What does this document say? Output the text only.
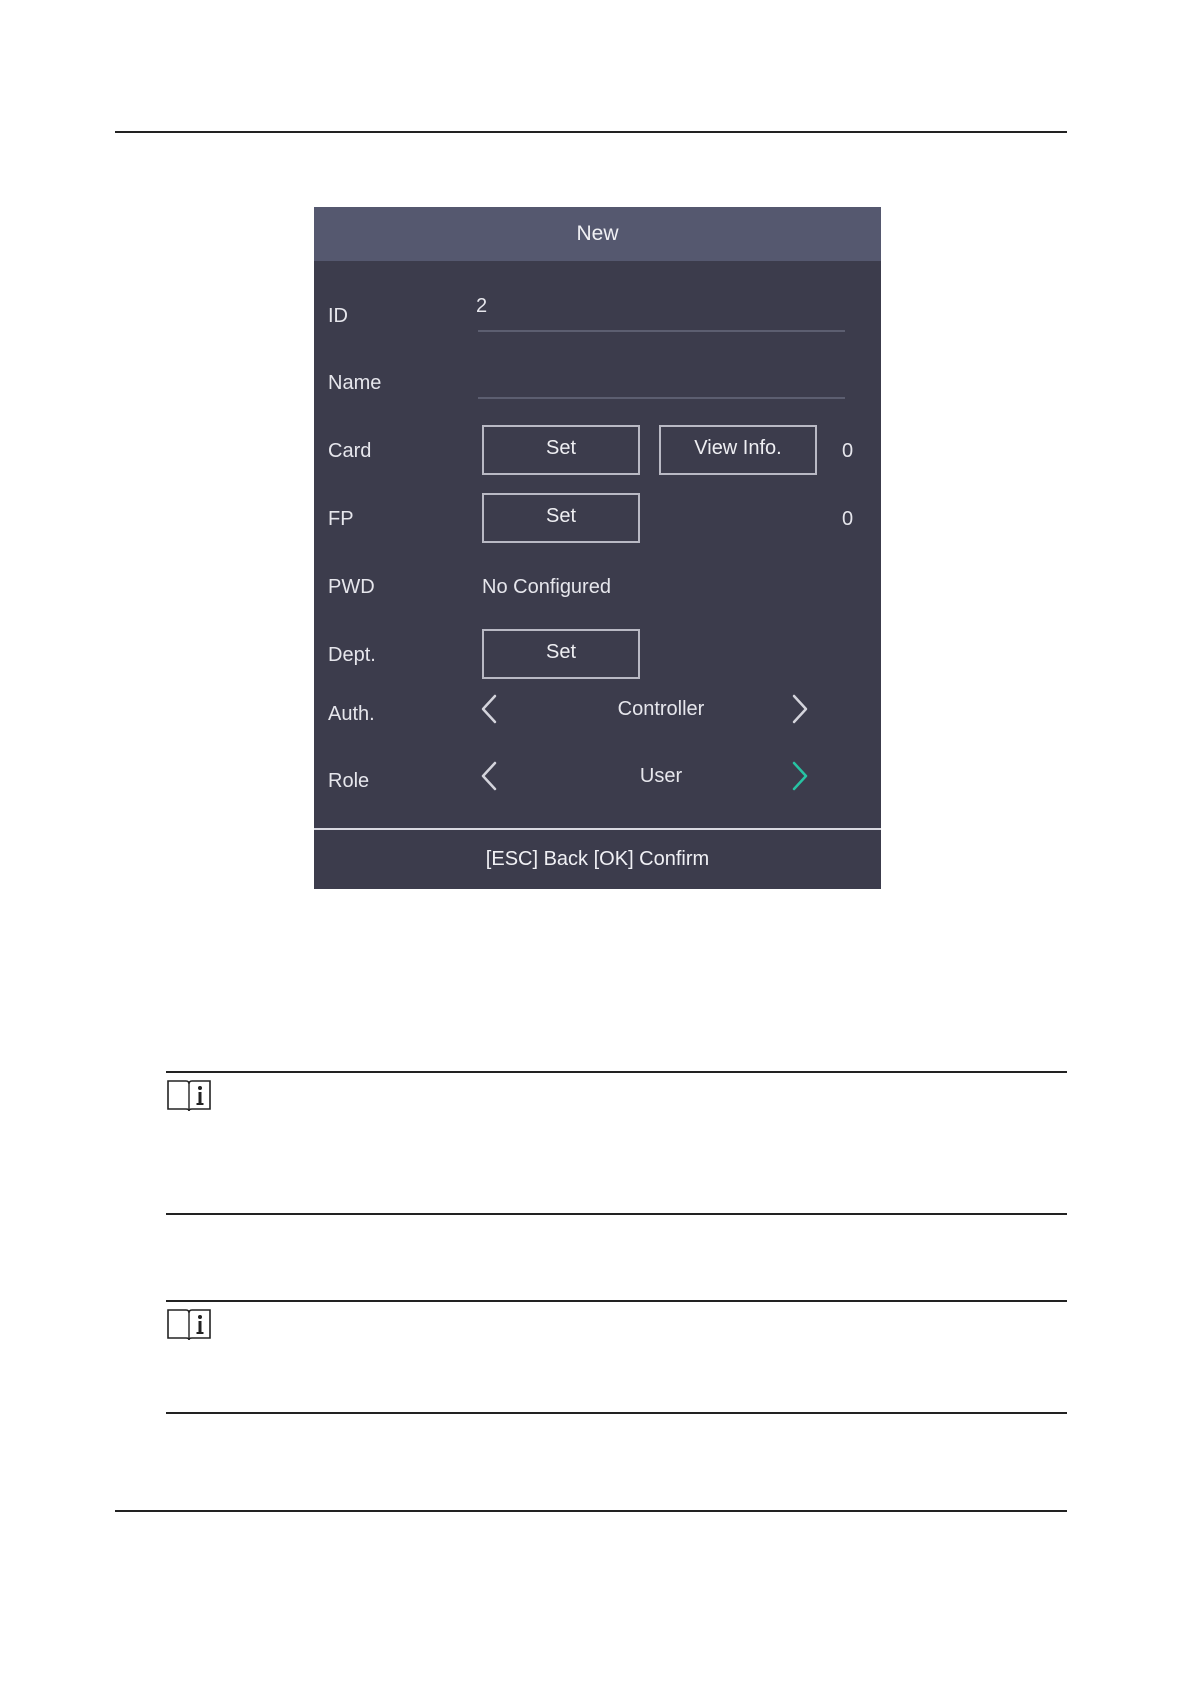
New
ID	2
Name
Card	Set	View Info.	0
FP	Set	0
PWD	No Configured
Dept.	Set
Auth.	Controller
Role	User
[ESC] Back [OK] Confirm
